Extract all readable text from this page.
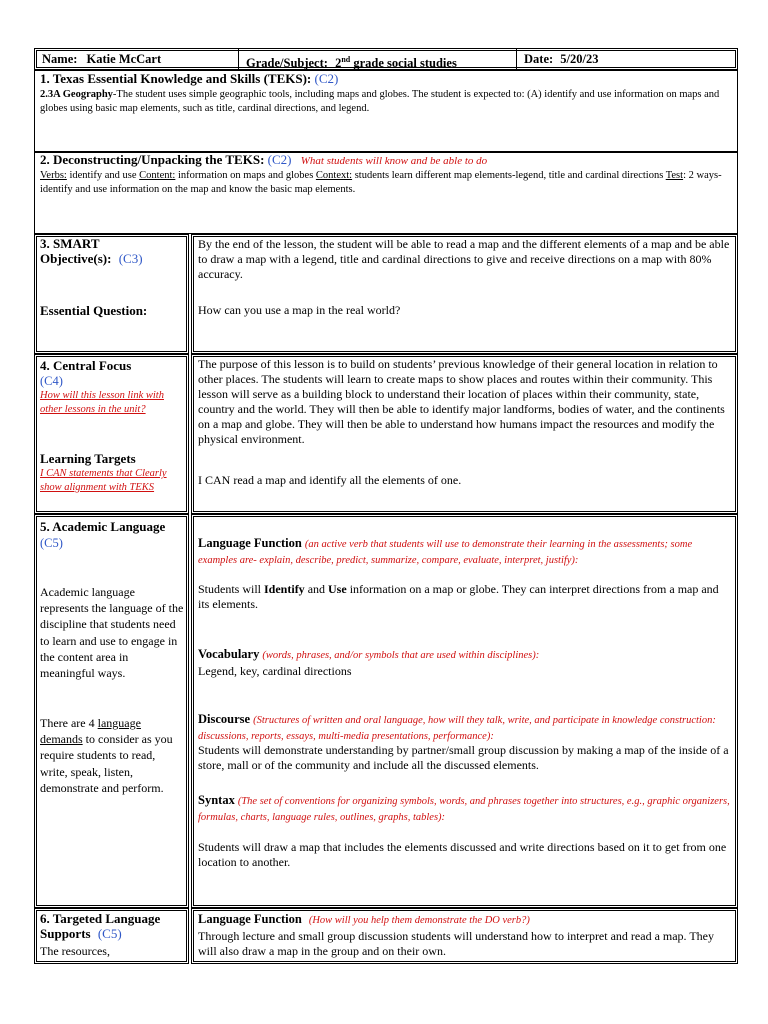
Name: Katie McCart	Grade/Subject: 2nd grade social studies	Date: 5/20/23
1. Texas Essential Knowledge and Skills (TEKS): (C2)
2.3A Geography-The student uses simple geographic tools, including maps and globes. The student is expected to: (A) identify and use information on maps and globes using basic map elements, such as title, cardinal directions, and legend.
2. Deconstructing/Unpacking the TEKS: (C2) What students will know and be able to do
Verbs: identify and use Content: information on maps and globes Context: students learn different map elements-legend, title and cardinal directions Test: 2 ways-identify and use information on the map and know the basic map elements.
3. SMART
Objective(s): (C3)
Essential Question:
By the end of the lesson, the student will be able to read a map and the different elements of a map and be able to draw a map with a legend, title and cardinal directions to give and receive directions on a map with 80% accuracy.
How can you use a map in the real world?
4. Central Focus
(C4)
How will this lesson link with other lessons in the unit?
Learning Targets
I CAN statements that Clearly show alignment with TEKS
The purpose of this lesson is to build on students’ previous knowledge of their general location in relation to other places. The students will learn to create maps to show places and routes within their community. This lesson will serve as a building block to understand their location of places within their community, state, country and the world. They will then be able to identify major landforms, bodies of water, and the continents on a map and globe. They will then be able to understand how humans impact the resources and modify the physical environment.
I CAN read a map and identify all the elements of one.
5. Academic Language
(C5)
Academic language represents the language of the discipline that students need to learn and use to engage in the content area in meaningful ways.
There are 4 language demands to consider as you require students to read, write, speak, listen, demonstrate and perform.
Language Function (an active verb that students will use to demonstrate their learning in the assessments; some examples are- explain, describe, predict, summarize, compare, evaluate, interpret, justify):
Students will Identify and Use information on a map or globe. They can interpret directions from a map and its elements.
Vocabulary (words, phrases, and/or symbols that are used within disciplines):
Legend, key, cardinal directions
Discourse (Structures of written and oral language, how will they talk, write, and participate in knowledge construction: discussions, reports, essays, multi-media presentations, performance):
Students will demonstrate understanding by partner/small group discussion by making a map of the inside of a store, mall or of the community and include all the discussed elements.
Syntax (The set of conventions for organizing symbols, words, and phrases together into structures, e.g., graphic organizers, formulas, charts, language rules, outlines, graphs, tables):
Students will draw a map that includes the elements discussed and write directions based on it to get from one location to another.
6. Targeted Language
Supports (C5)
The resources,
Language Function (How will you help them demonstrate the DO verb?)
Through lecture and small group discussion students will understand how to interpret and read a map. They will also draw a map in the group and on their own.
